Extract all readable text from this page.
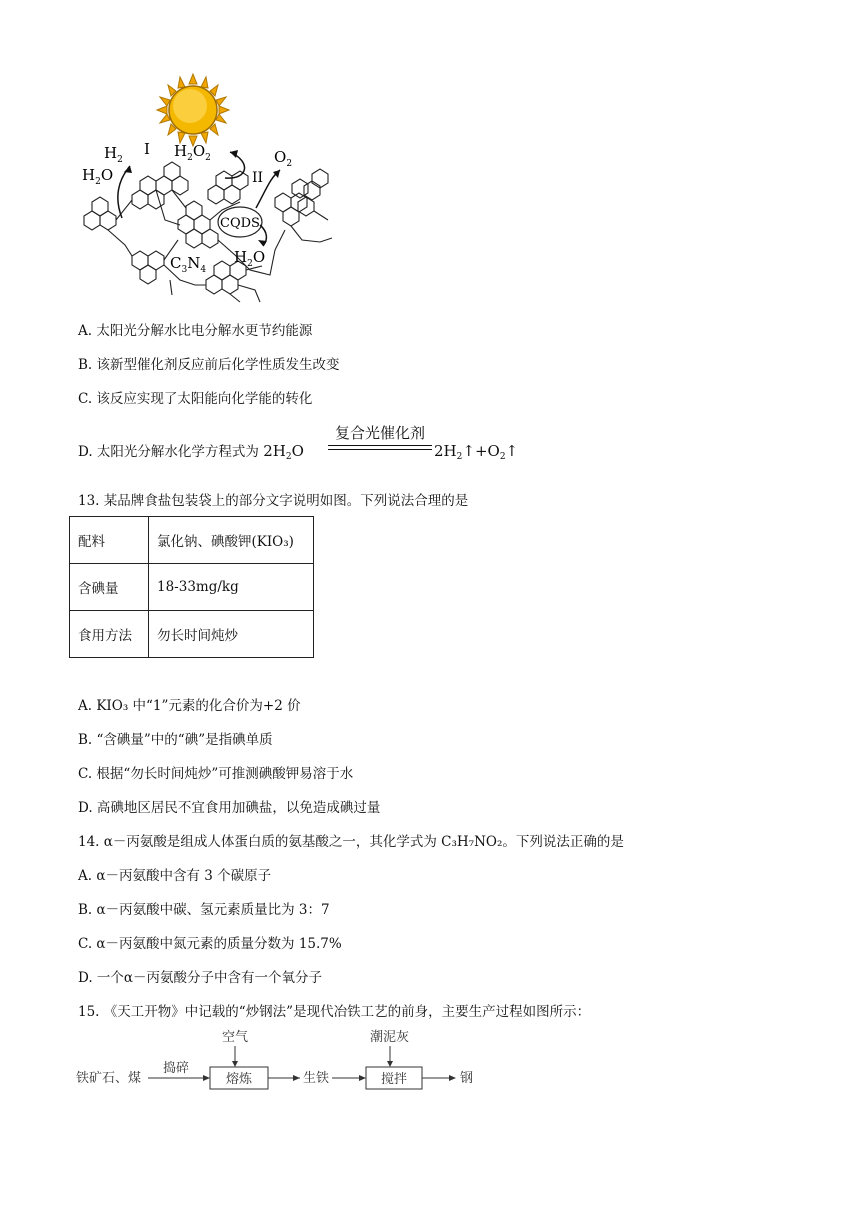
$H_2$
$H_2O$
I $H_2O_2$	$O_2$
II
CQDS
$C_3N_4$
$H_2O$
A. 太阳光分解水比电分解水更节约能源
B. 该新型催化剂反应前后化学性质发生改变
C. 该反应实现了太阳能向化学能的转化
D. 太阳光分解水化学方程式为 $2H_2O$
复合光催化剂
$2H_2↑+O_2↑$
13. 某品牌食盐包装袋上的部分文字说明如图。下列说法合理的是
配料	氯化钠、碘酸钾(KIO₃)
含碘量	18-33mg/kg
食用方法	勿长时间炖炒
A. KIO₃ 中“1”元素的化合价为+2 价
B. “含碘量”中的“碘”是指碘单质
C. 根据“勿长时间炖炒”可推测碘酸钾易溶于水
D. 高碘地区居民不宜食用加碘盐，以免造成碘过量
14. α－丙氨酸是组成人体蛋白质的氨基酸之一，其化学式为 C₃H₇NO₂。下列说法正确的是
A. α－丙氨酸中含有 3 个碳原子
B. α－丙氨酸中碳、氢元素质量比为 3：7
C. α－丙氨酸中氮元素的质量分数为 15.7%
D. 一个α－丙氨酸分子中含有一个氧分子
15. 《天工开物》中记载的“炒钢法”是现代冶铁工艺的前身，主要生产过程如图所示：
铁矿石、煤
捣碎
空气
熔炼	生铁
潮泥灰
搅拌	钢
